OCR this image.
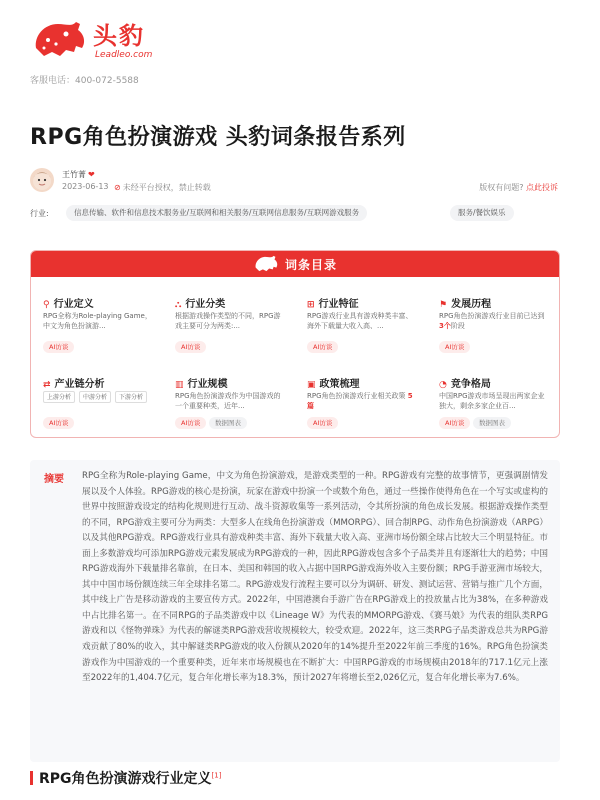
头豹
Leadleo.com
客服电话：400-072-5588
RPG角色扮演游戏 头豹词条报告系列
王竹菁 ❤
2023-06-13 ⊘ 未经平台授权，禁止转载	版权有问题? 点此投诉
行业:	信息传输、软件和信息技术服务业/互联网和相关服务/互联网信息服务/互联网游戏服务	服务/餐饮娱乐
词条目录
⚲ 行业定义
RPG全称为Role-playing Game，中文为角色扮演游...
AI访谈
⛬ 行业分类
根据游戏操作类型的不同，RPG游戏主要可分为两类:...
AI访谈
⊞ 行业特征
RPG游戏行业具有游戏种类丰富、海外下载量大收入高、...
AI访谈
⚑ 发展历程
RPG角色扮演游戏行业目前已达到 3个阶段
AI访谈
⇄ 产业链分析
上游分析	中游分析	下游分析
AI访谈
▥ 行业规模
RPG角色扮演游戏作为中国游戏的一个重要种类，近年...
AI访谈	数据图表
▣ 政策梳理
RPG角色扮演游戏行业相关政策 5篇
AI访谈
◔ 竞争格局
中国RPG游戏市场呈现出两家企业独大，剩余多家企业百...
AI访谈	数据图表
摘要 RPG全称为Role-playing Game，中文为角色扮演游戏，是游戏类型的一种。RPG游戏有完整的故事情节，更强调剧情发展以及个人体验。RPG游戏的核心是扮演，玩家在游戏中扮演一个或数个角色，通过一些操作使得角色在一个写实或虚构的世界中按照游戏设定的结构化规则进行互动、战斗资源收集等一系列活动，令其所扮演的角色成长发展。根据游戏操作类型的不同，RPG游戏主要可分为两类：大型多人在线角色扮演游戏（MMORPG）、回合制RPG、动作角色扮演游戏（ARPG）以及其他RPG游戏。RPG游戏行业具有游戏种类丰富、海外下载量大收入高、亚洲市场份额全球占比较大三个明显特征。市面上多数游戏均可添加RPG游戏元素发展成为RPG游戏的一种，因此RPG游戏包含多个子品类并且有逐渐壮大的趋势；中国RPG游戏海外下载量排名靠前，在日本、美国和韩国的收入占据中国RPG游戏海外收入主要份额；RPG手游亚洲市场较大，其中中国市场份额连续三年全球排名第二。RPG游戏发行流程主要可以分为调研、研发、测试运营、营销与推广几个方面，其中线上广告是移动游戏的主要宣传方式。2022年，中国港澳台手游广告在RPG游戏上的投放量占比为38%，在多种游戏中占比排名第一。在不同RPG的子品类游戏中以《Lineage W》为代表的MMORPG游戏、《赛马娘》为代表的组队类RPG游戏和以《怪物弹珠》为代表的解谜类RPG游戏营收规模较大，较受欢迎。2022年，这三类RPG子品类游戏总共为RPG游戏贡献了80%的收入，其中解谜类RPG游戏的收入份额从2020年的14%提升至2022年前三季度的16%。RPG角色扮演类游戏作为中国游戏的一个重要种类，近年来市场规模也在不断扩大：中国RPG游戏的市场规模由2018年的717.1亿元上涨至2022年的1,404.7亿元，复合年化增长率为18.3%，预计2027年将增长至2,026亿元，复合年化增长率为7.6%。
RPG角色扮演游戏行业定义[1]
